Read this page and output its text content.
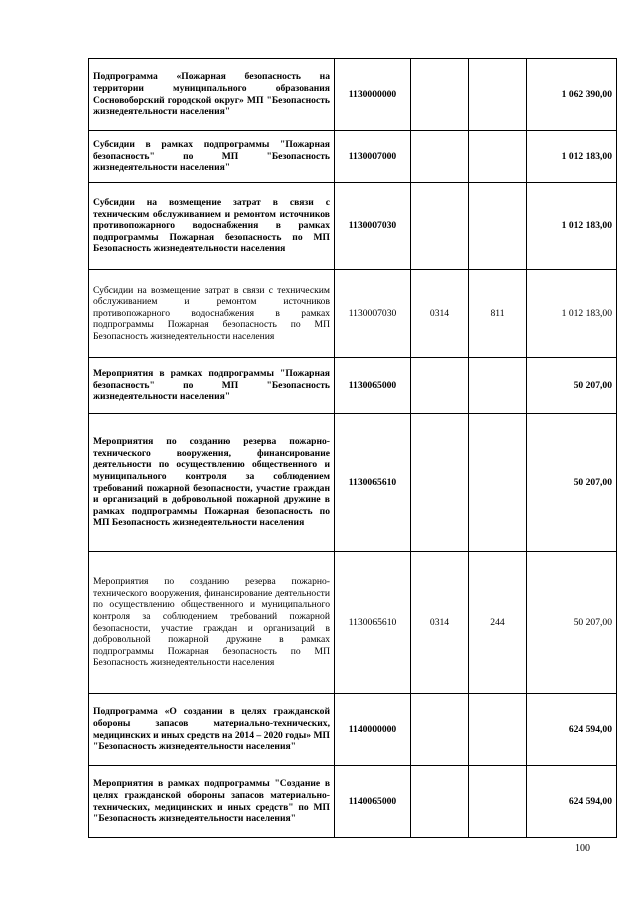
Подпрограмма «Пожарная безопасность на территории муниципального образования Сосновоборский городской округ» МП "Безопасность жизнедеятельности населения"	1130000000			1 062 390,00
Субсидии в рамках подпрограммы "Пожарная безопасность" по МП "Безопасность жизнедеятельности населения"	1130007000			1 012 183,00
Субсидии на возмещение затрат в связи с техническим обслуживанием и ремонтом источников противопожарного водоснабжения в рамках подпрограммы Пожарная безопасность по МП Безопасность жизнедеятельности населения	1130007030			1 012 183,00
Субсидии на возмещение затрат в связи с техническим обслуживанием и ремонтом источников противопожарного водоснабжения в рамках подпрограммы Пожарная безопасность по МП Безопасность жизнедеятельности населения	1130007030	0314	811	1 012 183,00
Мероприятия в рамках подпрограммы "Пожарная безопасность" по МП "Безопасность жизнедеятельности населения"	1130065000			50 207,00
Мероприятия по созданию резерва пожарно-технического вооружения, финансирование деятельности по осуществлению общественного и муниципального контроля за соблюдением требований пожарной безопасности, участие граждан и организаций в добровольной пожарной дружине в рамках подпрограммы Пожарная безопасность по МП Безопасность жизнедеятельности населения	1130065610			50 207,00
Мероприятия по созданию резерва пожарно-технического вооружения, финансирование деятельности по осуществлению общественного и муниципального контроля за соблюдением требований пожарной безопасности, участие граждан и организаций в добровольной пожарной дружине в рамках подпрограммы Пожарная безопасность по МП Безопасность жизнедеятельности населения	1130065610	0314	244	50 207,00
Подпрограмма «О создании в целях гражданской обороны запасов материально-технических, медицинских и иных средств на 2014 – 2020 годы» МП "Безопасность жизнедеятельности населения"	1140000000			624 594,00
Мероприятия в рамках подпрограммы "Создание в целях гражданской обороны запасов материально-технических, медицинских и иных средств" по МП "Безопасность жизнедеятельности населения"	1140065000			624 594,00
100
